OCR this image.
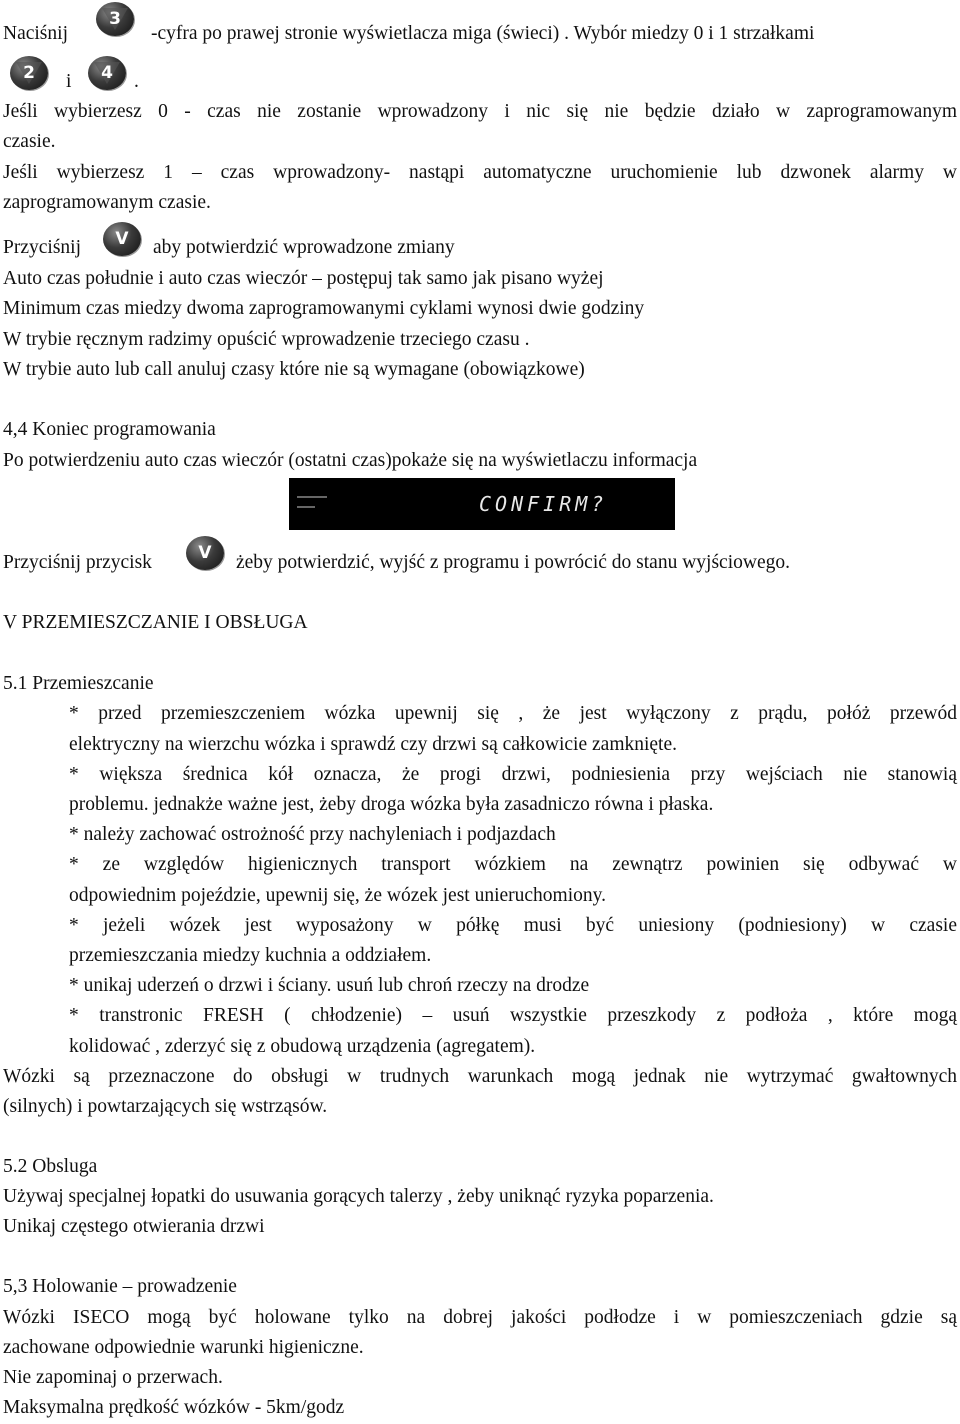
Naciśnij
3
-cyfra po prawej stronie wyświetlacza miga (świeci) . Wybór miedzy 0 i 1 strzałkami
2 i 4 .
Jeśli wybierzesz 0 - czas nie zostanie wprowadzony i nic się nie będzie działo w zaprogramowanym
czasie.
Jeśli wybierzesz 1 – czas wprowadzony- nastąpi automatyczne uruchomienie lub dzwonek alarmy w
zaprogramowanym czasie.
Przyciśnij V aby potwierdzić wprowadzone zmiany
Auto czas południe i auto czas wieczór – postępuj tak samo jak pisano wyżej
Minimum czas miedzy dwoma zaprogramowanymi cyklami wynosi dwie godziny
W trybie ręcznym radzimy opuścić wprowadzenie trzeciego czasu .
W trybie auto lub call anuluj czasy które nie są wymagane (obowiązkowe)
4,4 Koniec programowania
Po potwierdzeniu auto czas wieczór (ostatni czas)pokaże się na wyświetlaczu informacja
CONFIRM?
Przyciśnij przycisk	V żeby potwierdzić, wyjść z programu i powrócić do stanu wyjściowego.
V PRZEMIESZCZANIE I OBSŁUGA
5.1 Przemieszcanie
* przed przemieszczeniem wózka upewnij się , że jest wyłączony z prądu, połóż przewód
elektryczny na wierzchu wózka i sprawdź czy drzwi są całkowicie zamknięte.
* większa średnica kół oznacza, że progi drzwi, podniesienia przy wejściach nie stanowią
problemu. jednakże ważne jest, żeby droga wózka była zasadniczo równa i płaska.
* należy zachować ostrożność przy nachyleniach i podjazdach
* ze względów higienicznych transport wózkiem na zewnątrz powinien się odbywać w
odpowiednim pojeździe, upewnij się, że wózek jest unieruchomiony.
* jeżeli wózek jest wyposażony w półkę musi być uniesiony (podniesiony) w czasie
przemieszczania miedzy kuchnia a oddziałem.
* unikaj uderzeń o drzwi i ściany. usuń lub chroń rzeczy na drodze
* transtronic FRESH ( chłodzenie) – usuń wszystkie przeszkody z podłoża , które mogą
kolidować , zderzyć się z obudową urządzenia (agregatem).
Wózki są przeznaczone do obsługi w trudnych warunkach mogą jednak nie wytrzymać gwałtownych
(silnych) i powtarzających się wstrząsów.
5.2 Obsluga
Używaj specjalnej łopatki do usuwania gorących talerzy , żeby uniknąć ryzyka poparzenia.
Unikaj częstego otwierania drzwi
5,3 Holowanie – prowadzenie
Wózki ISECO mogą być holowane tylko na dobrej jakości podłodze i w pomieszczeniach gdzie są
zachowane odpowiednie warunki higieniczne.
Nie zapominaj o przerwach.
Maksymalna prędkość wózków - 5km/godz
